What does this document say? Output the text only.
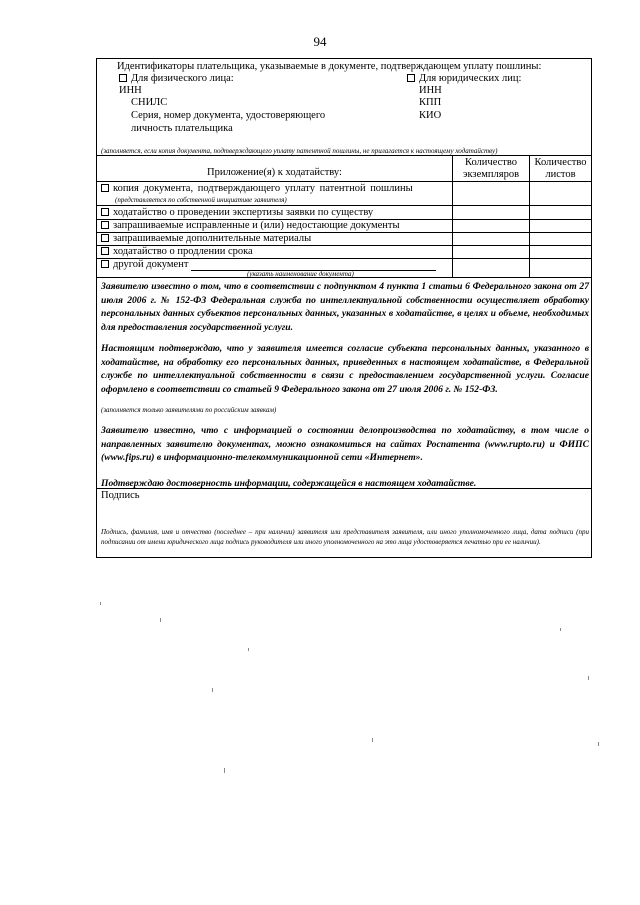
94
Идентификаторы плательщика, указываемые в документе, подтверждающем уплату пошлины:
Для физического лица:
ИНН
СНИЛС
Серия, номер документа, удостоверяющего
личность плательщика
Для юридических лиц:
ИНН
КПП
КИО
(заполняется, если копия документа, подтверждающего уплату патентной пошлины, не прилагается к настоящему ходатайству)
Приложение(я) к ходатайству:
Количество экземпляров
Количество листов
копия документа, подтверждающего уплату патентной пошлины
(представляется по собственной инициативе заявителя)
ходатайство о проведении экспертизы заявки по существу
запрашиваемые исправленные и (или) недостающие документы
запрашиваемые дополнительные материалы
ходатайство о продлении срока
другой документ
(указать наименование документа)
Заявителю известно о том, что в соответствии с подпунктом 4 пункта 1 статьи 6 Федерального закона от 27 июля 2006 г. № 152-ФЗ Федеральная служба по интеллектуальной собственности осуществляет обработку персональных данных субъектов персональных данных, указанных в ходатайстве, в целях и объеме, необходимых для предоставления государственной услуги.
Настоящим подтверждаю, что у заявителя имеется согласие субъекта персональных данных, указанного в ходатайстве, на обработку его персональных данных, приведенных в настоящем ходатайстве, в Федеральной службе по интеллектуальной собственности в связи с предоставлением государственной услуги. Согласие оформлено в соответствии со статьей 9 Федерального закона от 27 июля 2006 г. № 152-ФЗ.
(заполняется только заявителями по российским заявкам)
Заявителю известно, что с информацией о состоянии делопроизводства по ходатайству, в том числе о направленных заявителю документах, можно ознакомиться на сайтах Роспатента (www.rupto.ru) и ФИПС (www.fips.ru) в информационно-телекоммуникационной сети «Интернет».
Подтверждаю достоверность информации, содержащейся в настоящем ходатайстве.
Подпись
Подпись, фамилия, имя и отчество (последнее – при наличии) заявителя или представителя заявителя, или иного уполномоченного лица, дата подписи (при подписании от имени юридического лица подпись руководителя или иного уполномоченного на это лица удостоверяется печатью при ее наличии).
